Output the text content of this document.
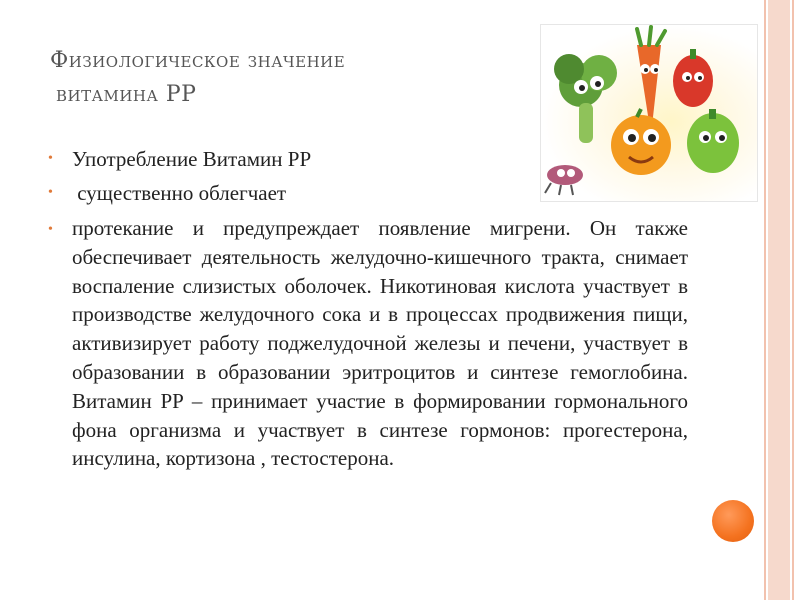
Физиологическое значение
витамина PP
• Употребление Витамин PP
• существенно облегчает
• протекание и предупреждает появление мигрени. Он также обеспечивает деятельность желудочно-кишечного тракта, снимает воспаление слизистых оболочек. Никотиновая кислота участвует в производстве желудочного сока и в процессах продвижения пищи, активизирует работу поджелудочной железы и печени, участвует в образовании в образовании эритроцитов и синтезе гемоглобина. Витамин PP – принимает участие в формировании гормонального фона организма и участвует в синтезе гормонов: прогестерона, инсулина, кортизона , тестостерона.
